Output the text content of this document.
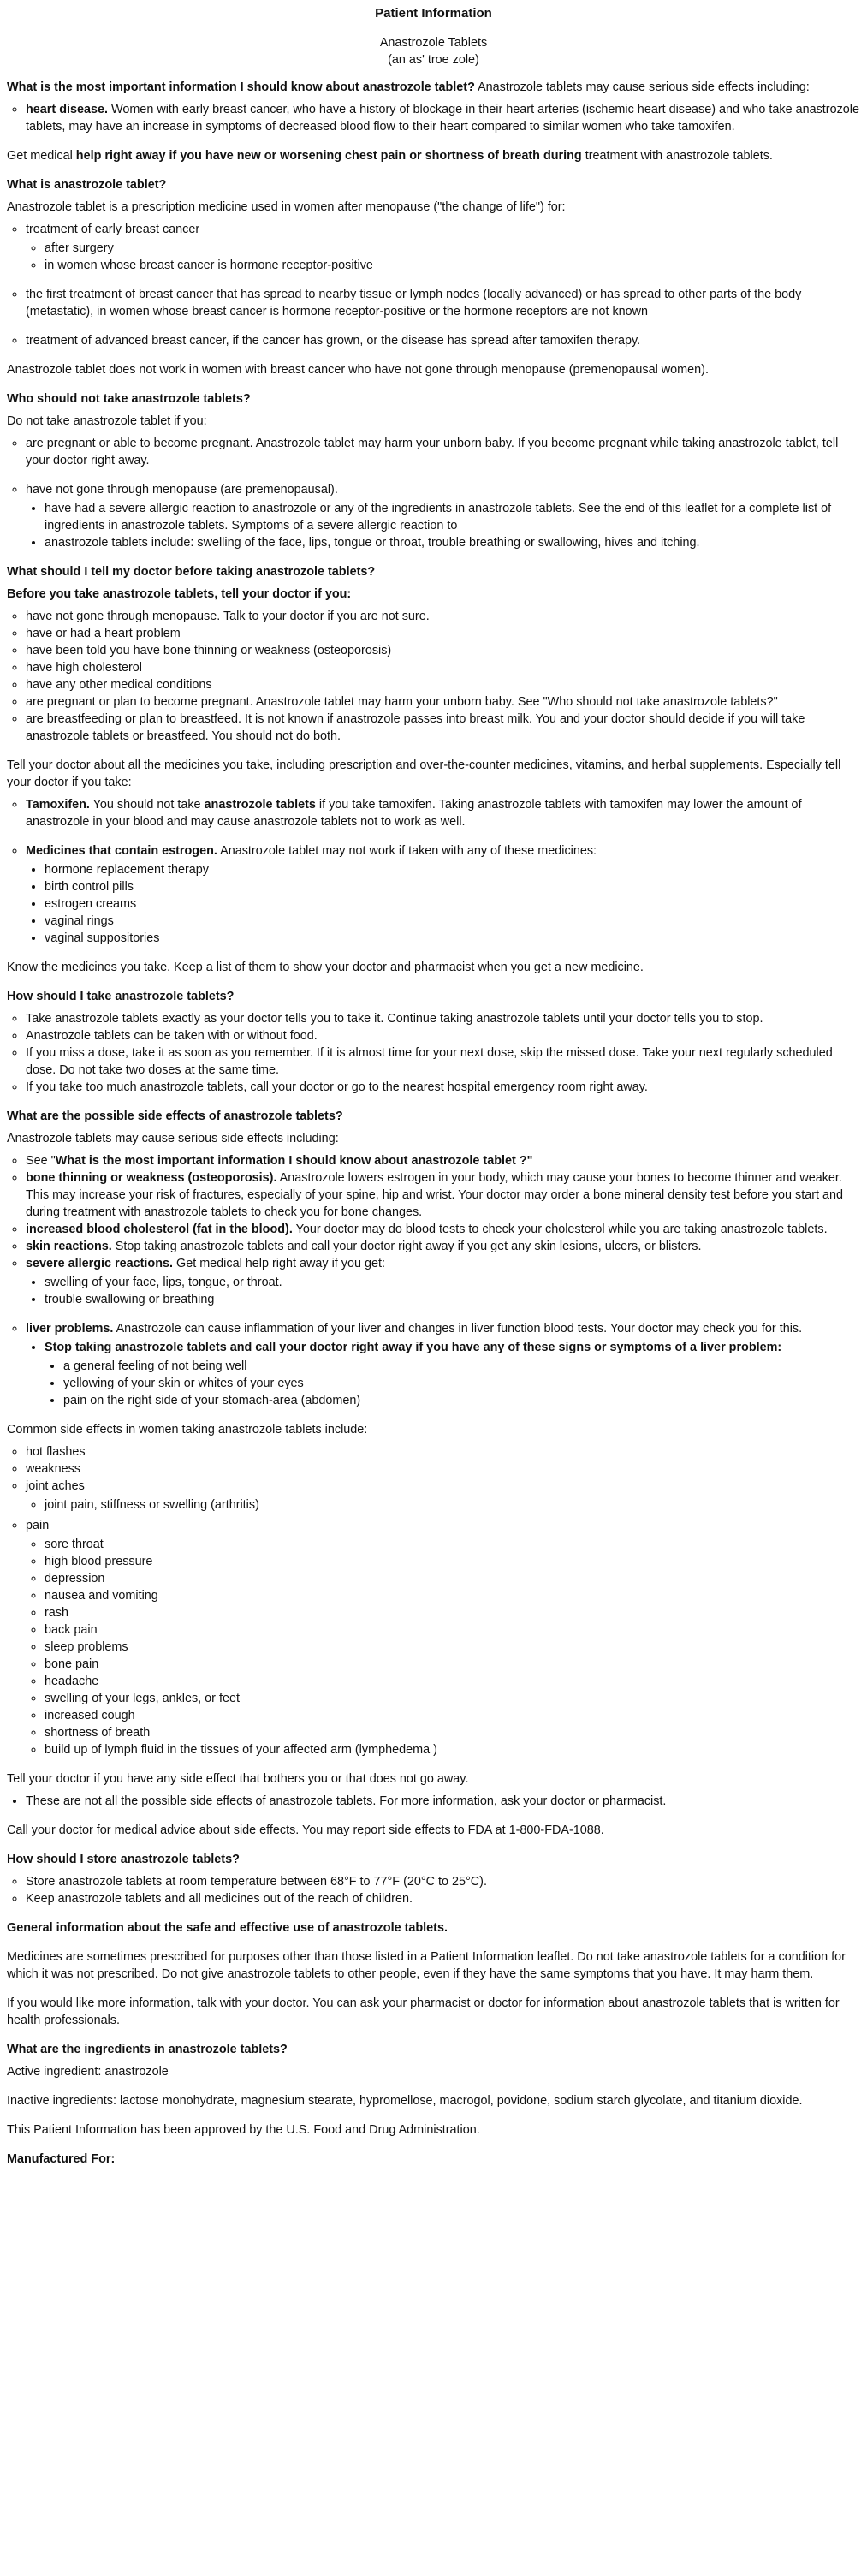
Patient Information

Anastrozole Tablets

(an as' troe zole)

What is the most important information I should know about anastrozole tablet? Anastrozole tablets may cause serious side effects including:

◦ heart disease. Women with early breast cancer, who have a history of blockage in their heart arteries (ischemic heart disease) and who take anastrozole tablets, may have an increase in symptoms of decreased blood flow to their heart compared to similar women who take tamoxifen.

Get medical help right away if you have new or worsening chest pain or shortness of breath during treatment with anastrozole tablets.

What is anastrozole tablet?

Anastrozole tablet is a prescription medicine used in women after menopause ("the change of life") for:

◦ treatment of early breast cancer
◦ after surgery
◦ in women whose breast cancer is hormone receptor-positive
◦ the first treatment of breast cancer that has spread to nearby tissue or lymph nodes (locally advanced) or has spread to other parts of the body (metastatic), in women whose breast cancer is hormone receptor-positive or the hormone receptors are not known
◦ treatment of advanced breast cancer, if the cancer has grown, or the disease has spread after tamoxifen therapy.

Anastrozole tablet does not work in women with breast cancer who have not gone through menopause (premenopausal women).

Who should not take anastrozole tablets?

Do not take anastrozole tablet if you:

◦ are pregnant or able to become pregnant. Anastrozole tablet may harm your unborn baby. If you become pregnant while taking anastrozole tablet, tell your doctor right away.
◦ have not gone through menopause (are premenopausal).
• have had a severe allergic reaction to anastrozole or any of the ingredients in anastrozole tablets. See the end of this leaflet for a complete list of ingredients in anastrozole tablets. Symptoms of a severe allergic reaction to
• anastrozole tablets include: swelling of the face, lips, tongue or throat, trouble breathing or swallowing, hives and itching.
What should I tell my doctor before taking anastrozole tablets?

Before you take anastrozole tablets, tell your doctor if you:

◦ have not gone through menopause. Talk to your doctor if you are not sure.
◦ have or had a heart problem
◦ have been told you have bone thinning or weakness (osteoporosis)
◦ have high cholesterol
◦ have any other medical conditions
◦ are pregnant or plan to become pregnant. Anastrozole tablet may harm your unborn baby. See "Who should not take anastrozole tablets?"
◦ are breastfeeding or plan to breastfeed. It is not known if anastrozole passes into breast milk. You and your doctor should decide if you will take anastrozole tablets or breastfeed. You should not do both.

Tell your doctor about all the medicines you take, including prescription and over-the-counter medicines, vitamins, and herbal supplements. Especially tell your doctor if you take:

◦ Tamoxifen. You should not take anastrozole tablets if you take tamoxifen. Taking anastrozole tablets with tamoxifen may lower the amount of anastrozole in your blood and may cause anastrozole tablets not to work as well.
◦ Medicines that contain estrogen. Anastrozole tablet may not work if taken with any of these medicines:
• hormone replacement therapy
• birth control pills
• estrogen creams
• vaginal rings
• vaginal suppositories

Know the medicines you take. Keep a list of them to show your doctor and pharmacist when you get a new medicine.

How should I take anastrozole tablets?
◦ Take anastrozole tablets exactly as your doctor tells you to take it. Continue taking anastrozole tablets until your doctor tells you to stop.
◦ Anastrozole tablets can be taken with or without food.
◦ If you miss a dose, take it as soon as you remember. If it is almost time for your next dose, skip the missed dose. Take your next regularly scheduled dose. Do not take two doses at the same time.
◦ If you take too much anastrozole tablets, call your doctor or go to the nearest hospital emergency room right away.
What are the possible side effects of anastrozole tablets?

Anastrozole tablets may cause serious side effects including:

◦ See "What is the most important information I should know about anastrozole tablet ?"
◦ bone thinning or weakness (osteoporosis). Anastrozole lowers estrogen in your body, which may cause your bones to become thinner and weaker. This may increase your risk of fractures, especially of your spine, hip and wrist. Your doctor may order a bone mineral density test before you start and during treatment with anastrozole tablets to check you for bone changes.
◦ increased blood cholesterol (fat in the blood). Your doctor may do blood tests to check your cholesterol while you are taking anastrozole tablets.
◦ skin reactions. Stop taking anastrozole tablets and call your doctor right away if you get any skin lesions, ulcers, or blisters.
◦ severe allergic reactions. Get medical help right away if you get:
• swelling of your face, lips, tongue, or throat.
• trouble swallowing or breathing
◦ liver problems. Anastrozole can cause inflammation of your liver and changes in liver function blood tests. Your doctor may check you for this.
• Stop taking anastrozole tablets and call your doctor right away if you have any of these signs or symptoms of a liver problem:
• a general feeling of not being well
• yellowing of your skin or whites of your eyes
• pain on the right side of your stomach-area (abdomen)

Common side effects in women taking anastrozole tablets include:

◦ hot flashes
◦ weakness
◦ joint aches
◦ joint pain, stiffness or swelling (arthritis)
◦ pain
◦ sore throat
◦ high blood pressure
◦ depression
◦ nausea and vomiting
◦ rash
◦ back pain
◦ sleep problems
◦ bone pain
◦ headache
◦ swelling of your legs, ankles, or feet
◦ increased cough
◦ shortness of breath
◦ build up of lymph fluid in the tissues of your affected arm (lymphedema )

Tell your doctor if you have any side effect that bothers you or that does not go away.

• These are not all the possible side effects of anastrozole tablets. For more information, ask your doctor or pharmacist.

Call your doctor for medical advice about side effects. You may report side effects to FDA at 1-800-FDA-1088.

How should I store anastrozole tablets?
◦ Store anastrozole tablets at room temperature between 68°F to 77°F (20°C to 25°C).
◦ Keep anastrozole tablets and all medicines out of the reach of children.
General information about the safe and effective use of anastrozole tablets.

Medicines are sometimes prescribed for purposes other than those listed in a Patient Information leaflet. Do not take anastrozole tablets for a condition for which it was not prescribed. Do not give anastrozole tablets to other people, even if they have the same symptoms that you have. It may harm them.

If you would like more information, talk with your doctor. You can ask your pharmacist or doctor for information about anastrozole tablets that is written for health professionals.

What are the ingredients in anastrozole tablets?

Active ingredient: anastrozole

Inactive ingredients: lactose monohydrate, magnesium stearate, hypromellose, macrogol, povidone, sodium starch glycolate, and titanium dioxide.

This Patient Information has been approved by the U.S. Food and Drug Administration.

Manufactured For:
